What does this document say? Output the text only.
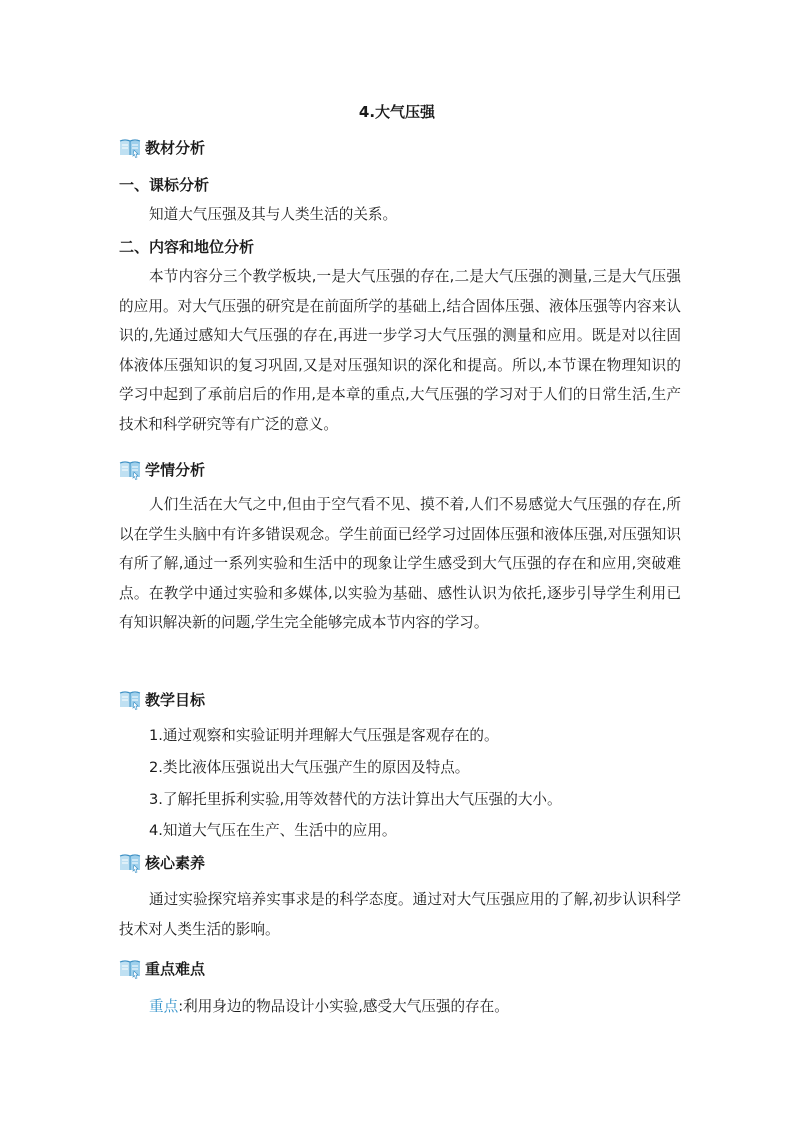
4.大气压强
教材分析
一、课标分析

知道大气压强及其与人类生活的关系。

二、内容和地位分析

本节内容分三个教学板块,一是大气压强的存在,二是大气压强的测量,三是大气压强的应用。对大气压强的研究是在前面所学的基础上,结合固体压强、液体压强等内容来认识的,先通过感知大气压强的存在,再进一步学习大气压强的测量和应用。既是对以往固体液体压强知识的复习巩固,又是对压强知识的深化和提高。所以,本节课在物理知识的学习中起到了承前启后的作用,是本章的重点,大气压强的学习对于人们的日常生活,生产技术和科学研究等有广泛的意义。

学情分析

人们生活在大气之中,但由于空气看不见、摸不着,人们不易感觉大气压强的存在,所以在学生头脑中有许多错误观念。学生前面已经学习过固体压强和液体压强,对压强知识有所了解,通过一系列实验和生活中的现象让学生感受到大气压强的存在和应用,突破难点。在教学中通过实验和多媒体,以实验为基础、感性认识为依托,逐步引导学生利用已有知识解决新的问题,学生完全能够完成本节内容的学习。

教学目标
1.通过观察和实验证明并理解大气压强是客观存在的。
2.类比液体压强说出大气压强产生的原因及特点。
3.了解托里拆利实验,用等效替代的方法计算出大气压强的大小。
4.知道大气压在生产、生活中的应用。
核心素养

通过实验探究培养实事求是的科学态度。通过对大气压强应用的了解,初步认识科学技术对人类生活的影响。

重点难点
重点:利用身边的物品设计小实验,感受大气压强的存在。
